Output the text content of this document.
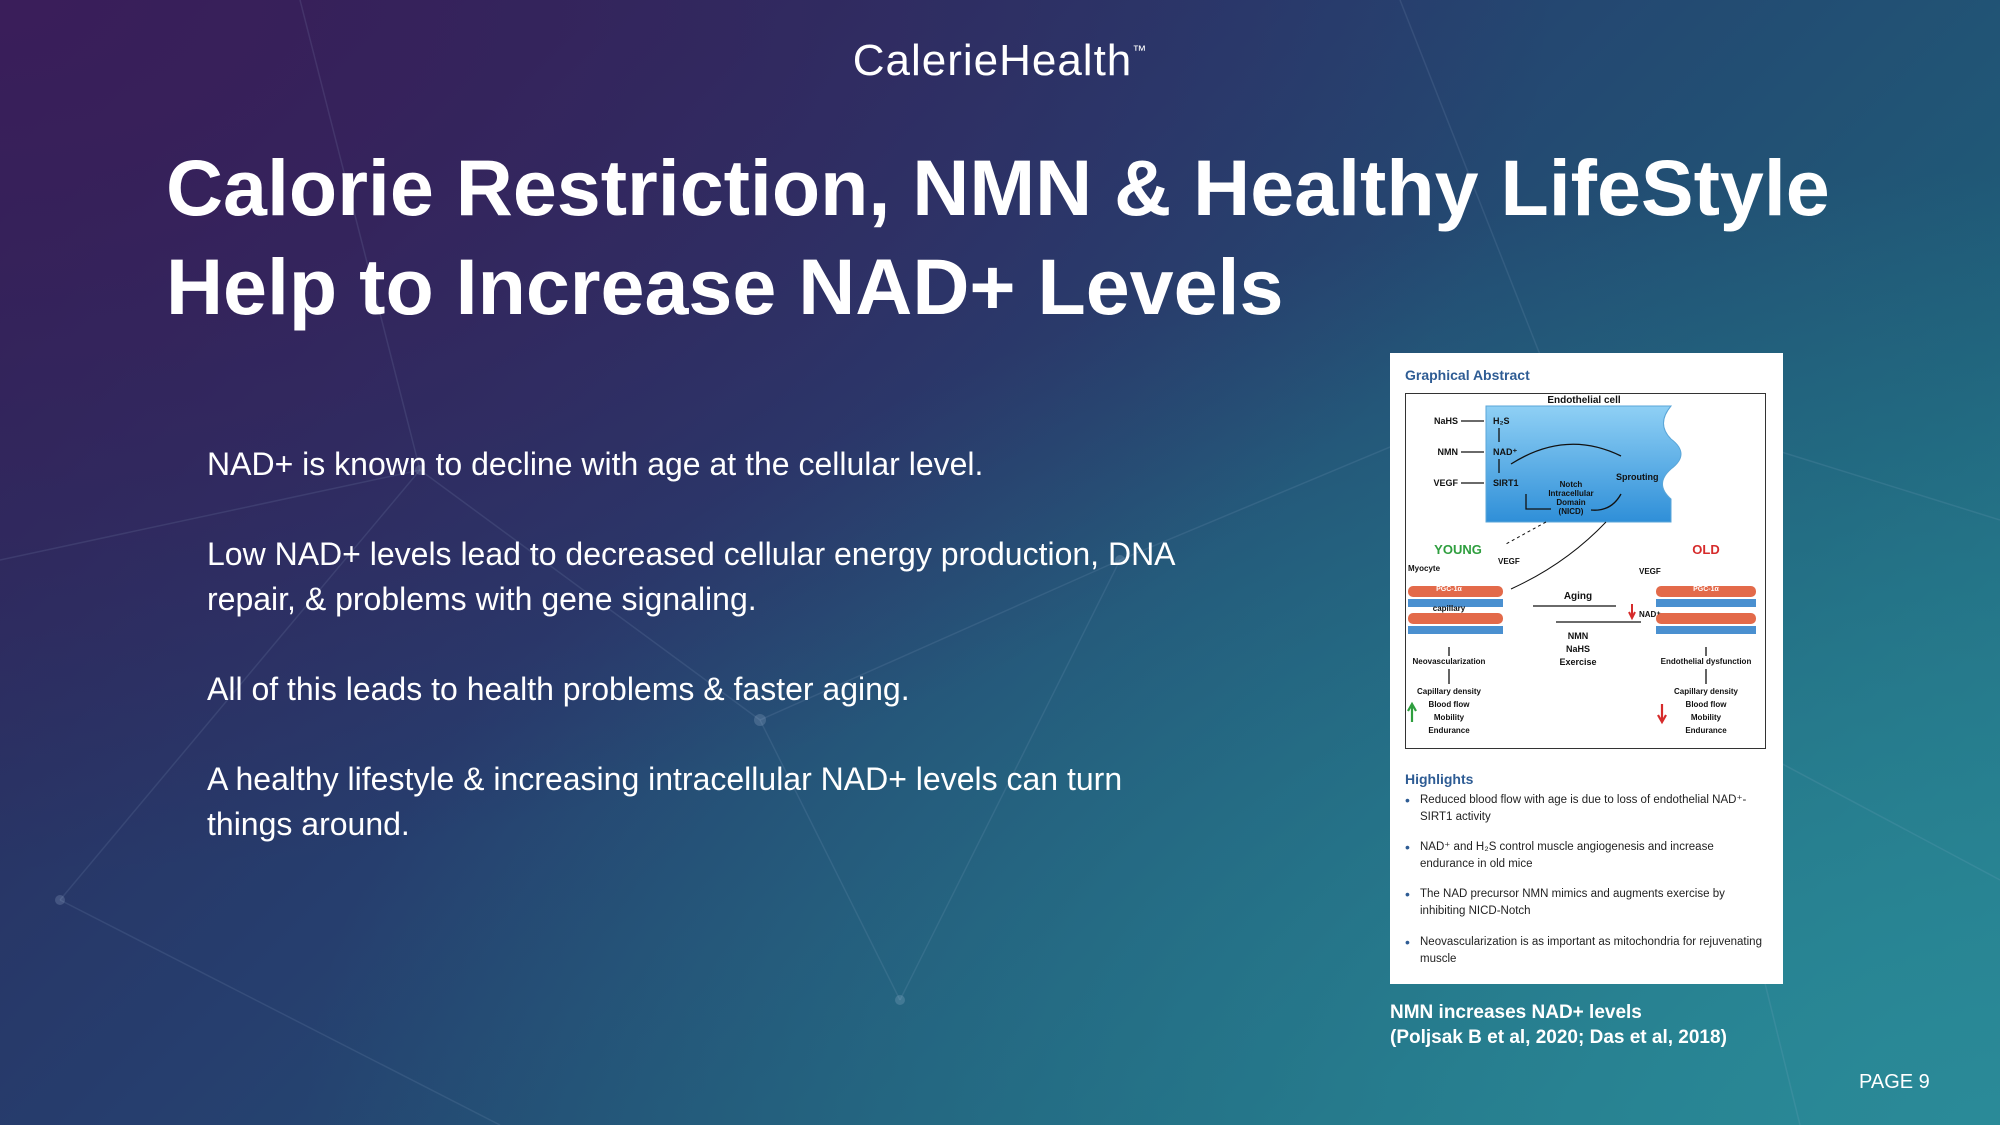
CalerieHealth™
Calorie Restriction, NMN & Healthy LifeStyle
Help to Increase NAD+ Levels

NAD+ is known to decline with age at the cellular level.

Low NAD+ levels lead to decreased cellular energy production, DNA repair, & problems with gene signaling.

All of this leads to health problems & faster aging.

A healthy lifestyle & increasing intracellular NAD+ levels can turn things around.

Graphical Abstract
Endothelial cell
NaHS
NMN
VEGF
H₂S
NAD⁺
SIRT1
Sprouting
Notch
Intracellular
Domain
(NICD)
YOUNG	OLD
Myocyte
VEGF
VEGF
PGC-1α
capillary
PGC-1α
Aging
NAD⁺
NMN
NaHS
Exercise
Neovascularization	Endothelial dysfunction
Capillary density
Blood flow
Mobility
Endurance
Capillary density
Blood flow
Mobility
Endurance
Highlights
• Reduced blood flow with age is due to loss of endothelial NAD⁺-SIRT1 activity
• NAD⁺ and H₂S control muscle angiogenesis and increase endurance in old mice
• The NAD precursor NMN mimics and augments exercise by inhibiting NICD-Notch
• Neovascularization is as important as mitochondria for rejuvenating muscle
NMN increases NAD+ levels
(Poljsak B et al, 2020; Das et al, 2018)
PAGE 9
